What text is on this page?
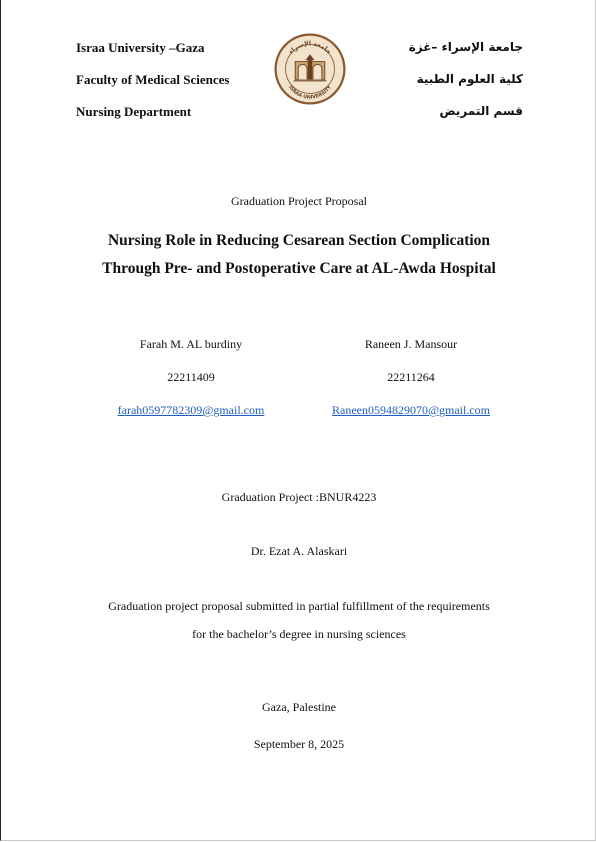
Israa University –Gaza
Faculty of Medical Sciences
Nursing Department
جامعة الإسراء –غزة
كلية العلوم الطبية
قسم التمريض
جامعة الإسراء
ISRAA UNIVERSITY
Graduation Project Proposal
Nursing Role in Reducing Cesarean Section Complication
Through Pre- and Postoperative Care at AL-Awda Hospital
Farah M. AL burdiny
22211409
farah0597782309@gmail.com
Raneen J. Mansour
22211264
Raneen0594829070@gmail.com
Graduation Project :BNUR4223
Dr. Ezat A. Alaskari
Graduation project proposal submitted in partial fulfillment of the requirements
for the bachelor’s degree in nursing sciences
Gaza, Palestine
September 8, 2025
